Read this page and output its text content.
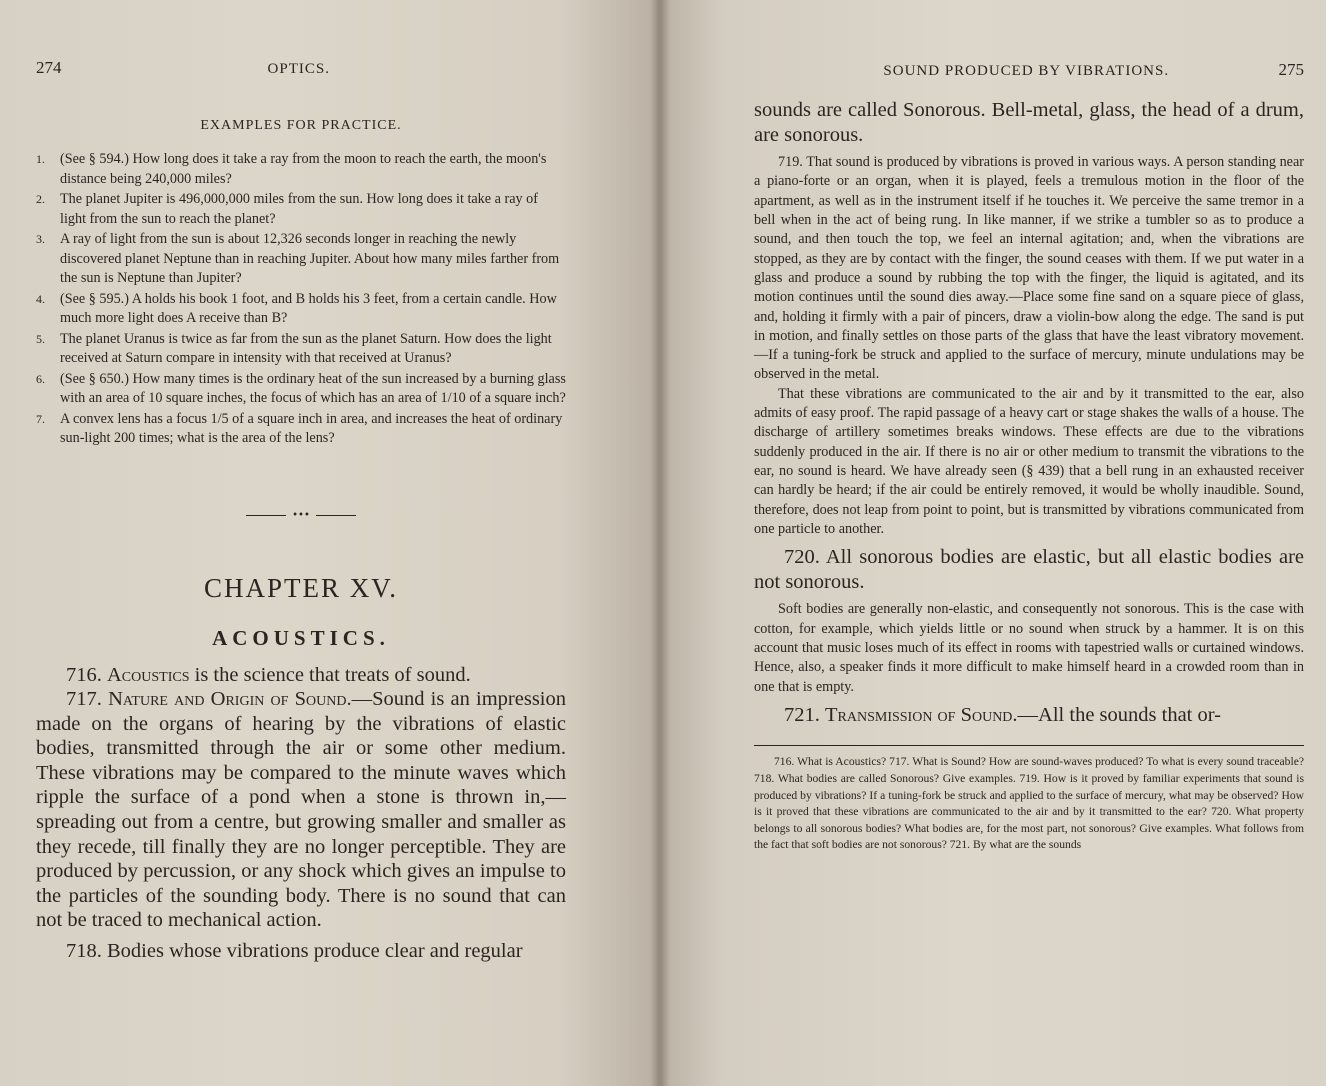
274	OPTICS.
EXAMPLES FOR PRACTICE.
1. (See § 594.) How long does it take a ray from the moon to reach the earth, the moon's distance being 240,000 miles?
2. The planet Jupiter is 496,000,000 miles from the sun. How long does it take a ray of light from the sun to reach the planet?
3. A ray of light from the sun is about 12,326 seconds longer in reaching the newly discovered planet Neptune than in reaching Jupiter. About how many miles farther from the sun is Neptune than Jupiter?
4. (See § 595.) A holds his book 1 foot, and B holds his 3 feet, from a certain candle. How much more light does A receive than B?
5. The planet Uranus is twice as far from the sun as the planet Saturn. How does the light received at Saturn compare in intensity with that received at Uranus?
6. (See § 650.) How many times is the ordinary heat of the sun increased by a burning glass with an area of 10 square inches, the focus of which has an area of 1/10 of a square inch?
7. A convex lens has a focus 1/5 of a square inch in area, and increases the heat of ordinary sun-light 200 times; what is the area of the lens?
•••
CHAPTER XV.
ACOUSTICS.

716. Acoustics is the science that treats of sound.

717. Nature and Origin of Sound.—Sound is an impression made on the organs of hearing by the vibrations of elastic bodies, transmitted through the air or some other medium. These vibrations may be compared to the minute waves which ripple the surface of a pond when a stone is thrown in,—spreading out from a centre, but growing smaller and smaller as they recede, till finally they are no longer perceptible. They are produced by percussion, or any shock which gives an impulse to the particles of the sounding body. There is no sound that can not be traced to mechanical action.

718. Bodies whose vibrations produce clear and regular

SOUND PRODUCED BY VIBRATIONS.	275

sounds are called Sonorous. Bell-metal, glass, the head of a drum, are sonorous.

719. That sound is produced by vibrations is proved in various ways. A person standing near a piano-forte or an organ, when it is played, feels a tremulous motion in the floor of the apartment, as well as in the instrument itself if he touches it. We perceive the same tremor in a bell when in the act of being rung. In like manner, if we strike a tumbler so as to produce a sound, and then touch the top, we feel an internal agitation; and, when the vibrations are stopped, as they are by contact with the finger, the sound ceases with them. If we put water in a glass and produce a sound by rubbing the top with the finger, the liquid is agitated, and its motion continues until the sound dies away.—Place some fine sand on a square piece of glass, and, holding it firmly with a pair of pincers, draw a violin-bow along the edge. The sand is put in motion, and finally settles on those parts of the glass that have the least vibratory movement.—If a tuning-fork be struck and applied to the surface of mercury, minute undulations may be observed in the metal.

That these vibrations are communicated to the air and by it transmitted to the ear, also admits of easy proof. The rapid passage of a heavy cart or stage shakes the walls of a house. The discharge of artillery sometimes breaks windows. These effects are due to the vibrations suddenly produced in the air. If there is no air or other medium to transmit the vibrations to the ear, no sound is heard. We have already seen (§ 439) that a bell rung in an exhausted receiver can hardly be heard; if the air could be entirely removed, it would be wholly inaudible. Sound, therefore, does not leap from point to point, but is transmitted by vibrations communicated from one particle to another.

720. All sonorous bodies are elastic, but all elastic bodies are not sonorous.

Soft bodies are generally non-elastic, and consequently not sonorous. This is the case with cotton, for example, which yields little or no sound when struck by a hammer. It is on this account that music loses much of its effect in rooms with tapestried walls or curtained windows. Hence, also, a speaker finds it more difficult to make himself heard in a crowded room than in one that is empty.

721. Transmission of Sound.—All the sounds that or-

716. What is Acoustics? 717. What is Sound? How are sound-waves produced? To what is every sound traceable? 718. What bodies are called Sonorous? Give examples. 719. How is it proved by familiar experiments that sound is produced by vibrations? If a tuning-fork be struck and applied to the surface of mercury, what may be observed? How is it proved that these vibrations are communicated to the air and by it transmitted to the ear? 720. What property belongs to all sonorous bodies? What bodies are, for the most part, not sonorous? Give examples. What follows from the fact that soft bodies are not sonorous? 721. By what are the sounds
